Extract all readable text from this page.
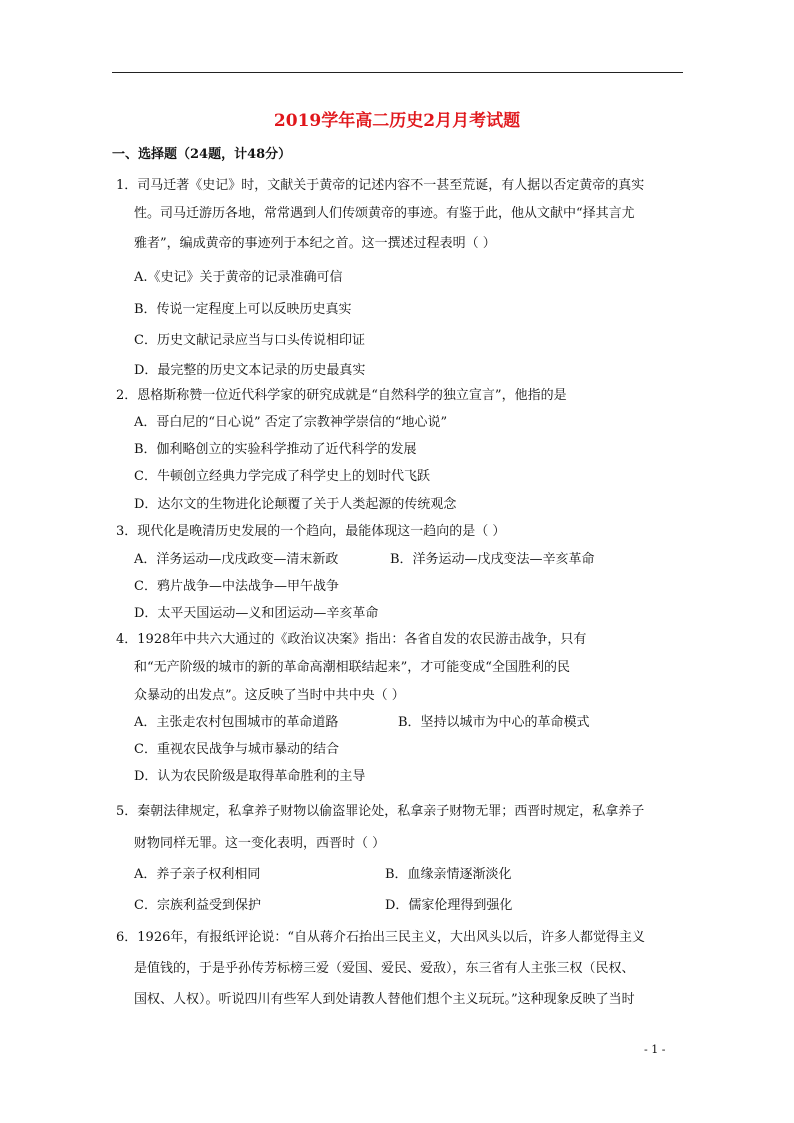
2019学年高二历史2月月考试题
一、选择题（24题，计48分）
1．司马迁著《史记》时，文献关于黄帝的记述内容不一甚至荒诞，有人据以否定黄帝的真实
性。司马迁游历各地，常常遇到人们传颂黄帝的事迹。有鉴于此，他从文献中“择其言尤
雅者”，编成黄帝的事迹列于本纪之首。这一撰述过程表明（ ）
A.《史记》关于黄帝的记录准确可信
B．传说一定程度上可以反映历史真实
C．历史文献记录应当与口头传说相印证
D．最完整的历史文本记录的历史最真实
2．恩格斯称赞一位近代科学家的研究成就是“自然科学的独立宣言”，他指的是
A．哥白尼的“日心说” 否定了宗教神学崇信的“地心说”
B．伽利略创立的实验科学推动了近代科学的发展
C．牛顿创立经典力学完成了科学史上的划时代飞跃
D．达尔文的生物进化论颠覆了关于人类起源的传统观念
3．现代化是晚清历史发展的一个趋向，最能体现这一趋向的是（ ）
A．洋务运动—戊戌政变—清末新政	B．洋务运动—戊戌变法—辛亥革命
C．鸦片战争—中法战争—甲午战争
D．太平天国运动—义和团运动—辛亥革命
4．1928年中共六大通过的《政治议决案》指出：各省自发的农民游击战争，只有
和“无产阶级的城市的新的革命高潮相联结起来”，才可能变成“全国胜利的民
众暴动的出发点”。这反映了当时中共中央（ ）
A．主张走农村包围城市的革命道路	B．坚持以城市为中心的革命模式
C．重视农民战争与城市暴动的结合
D．认为农民阶级是取得革命胜利的主导
5．秦朝法律规定，私拿养子财物以偷盗罪论处，私拿亲子财物无罪；西晋时规定，私拿养子
财物同样无罪。这一变化表明，西晋时（ ）
A．养子亲子权利相同	B．血缘亲情逐渐淡化
C．宗族利益受到保护	D．儒家伦理得到强化
6．1926年，有报纸评论说：“自从蒋介石抬出三民主义，大出风头以后，许多人都觉得主义
是值钱的，于是乎孙传芳标榜三爱（爱国、爱民、爱敌），东三省有人主张三权（民权、
国权、人权）。听说四川有些军人到处请教人替他们想个主义玩玩。”这种现象反映了当时
- 1 -
